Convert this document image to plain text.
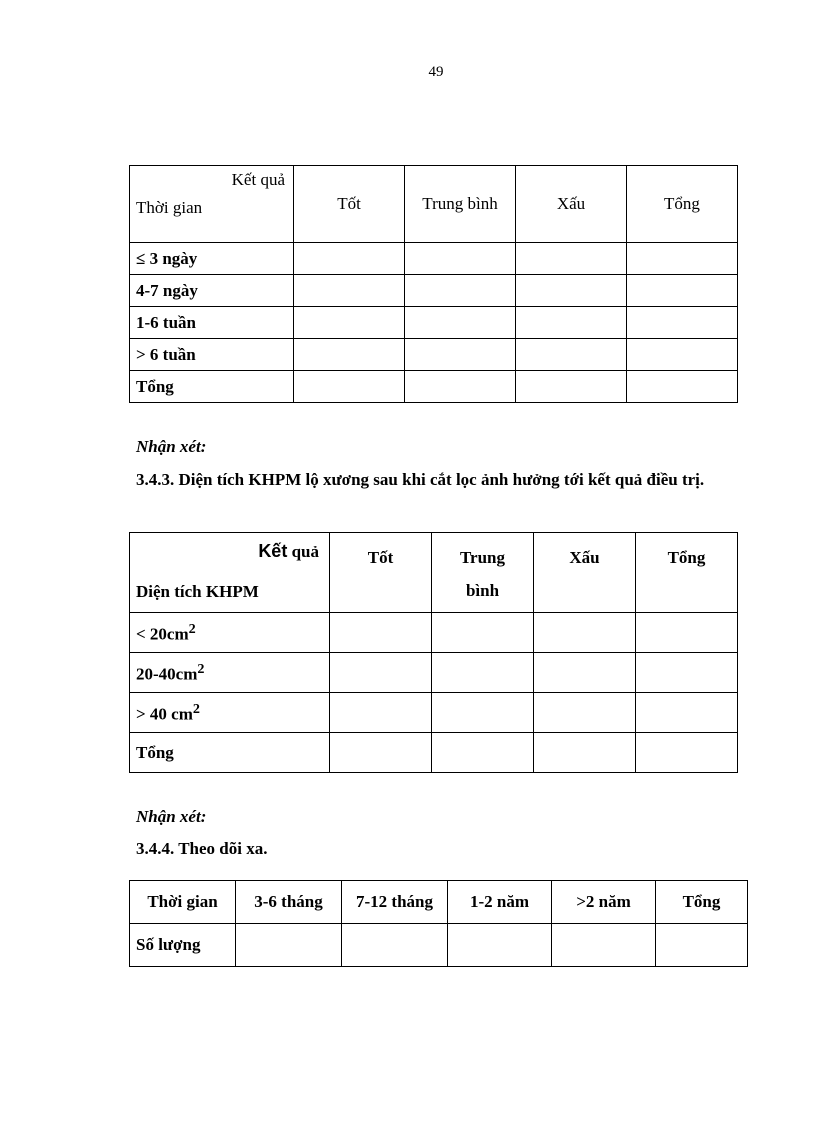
49
Kết quả
Thời gian	Tốt	Trung bình	Xấu	Tổng
≤ 3 ngày				
4-7 ngày				
1-6 tuần				
> 6 tuần				
Tổng				
Nhận xét:
3.4.3. Diện tích KHPM lộ xương sau khi cắt lọc ảnh hưởng tới kết quả điều trị.
Kết quả
Diện tích KHPM	Tốt	Trung bình	Xấu	Tổng
< $20cm^2$				
$20-40cm^2$				
> 40 $cm^2$				
Tổng				
Nhận xét:
3.4.4. Theo dõi xa.
Thời gian	3-6 tháng	7-12 tháng	1-2 năm	>2 năm	Tổng
Số lượng					
